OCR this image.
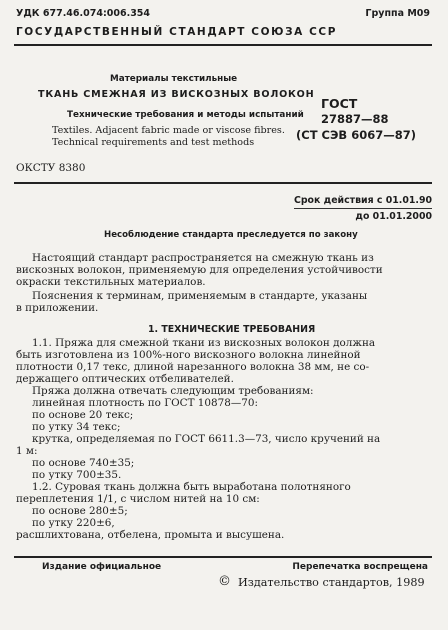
УДК 677.46.074:006.354	Группа М09
ГОСУДАРСТВЕННЫЙ СТАНДАРТ СОЮЗА ССР
Материалы текстильные
ТКАНЬ СМЕЖНАЯ ИЗ ВИСКОЗНЫХ ВОЛОКОН
Технические требования и методы испытаний
Textiles. Adjacent fabric made or viscose fibres.
Technical requirements and test methods
ГОСТ
27887—88
(СТ СЭВ 6067—87)
ОКСТУ 8380
Срок действия с 01.01.90
до 01.01.2000
Несоблюдение стандарта преследуется по закону
Настоящий стандарт распространяется на смежную ткань из
вискозных волокон, применяемую для определения устойчивости
окраски текстильных материалов.
Пояснения к терминам, применяемым в стандарте, указаны
в приложении.
1. ТЕХНИЧЕСКИЕ ТРЕБОВАНИЯ
1.1. Пряжа для смежной ткани из вискозных волокон должна
быть изготовлена из 100%-ного вискозного волокна линейной
плотности 0,17 текс, длиной нарезанного волокна 38 мм, не со-
держащего оптических отбеливателей.
Пряжа должна отвечать следующим требованиям:
линейная плотность по ГОСТ 10878—70:
по основе 20 текс;
по утку 34 текс;
крутка, определяемая по ГОСТ 6611.3—73, число кручений на
1 м:
по основе 740±35;
по утку 700±35.
1.2. Суровая ткань должна быть выработана полотняного
переплетения 1/1, с числом нитей на 10 см:
по основе 280±5;
по утку 220±6,
расшлихтована, отбелена, промыта и высушена.
Издание официальное	Перепечатка воспрещена
© Издательство стандартов, 1989
